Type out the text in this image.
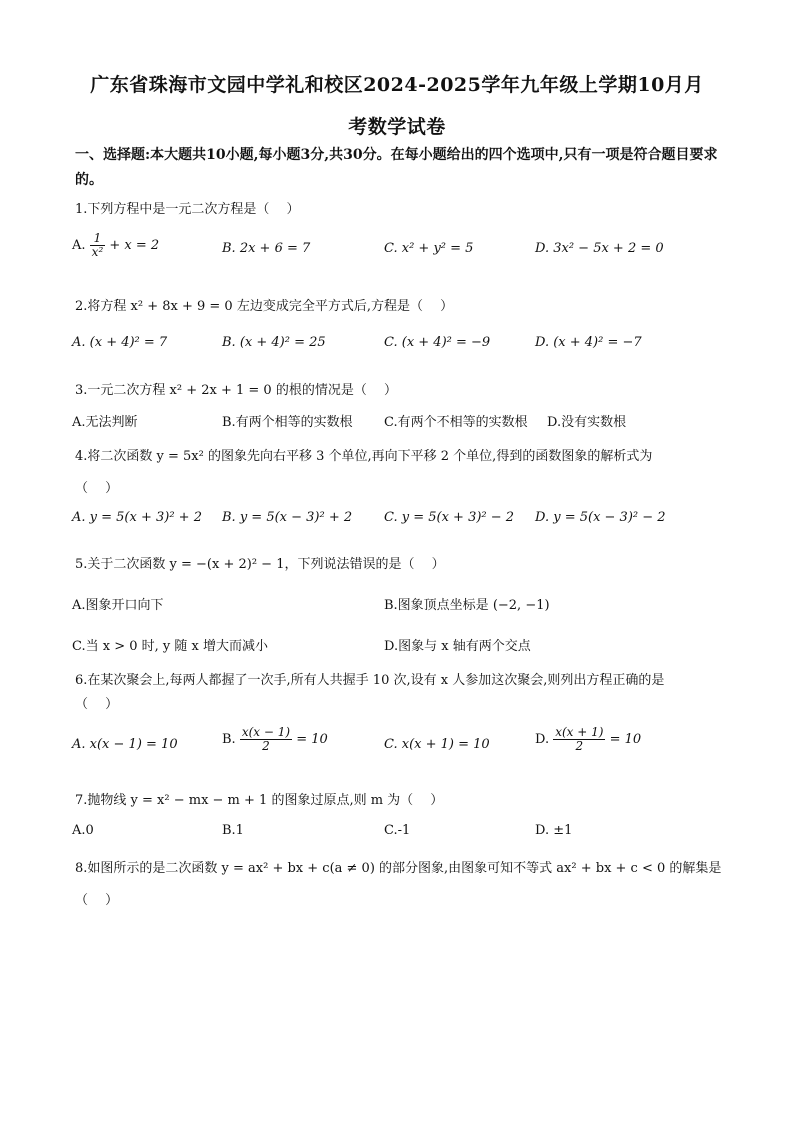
广东省珠海市文园中学礼和校区2024-2025学年九年级上学期10月月
考数学试卷
一、选择题:本大题共10小题,每小题3分,共30分。在每小题给出的四个选项中,只有一项是符合题目要求的。
1.下列方程中是一元二次方程是（　 ）
A. $\frac{1}{\text{x²}} + x = 2$	B. 2x + 6 = 7	C. x² + y² = 5	D. 3x² − 5x + 2 = 0
2.将方程 x² + 8x + 9 = 0 左边变成完全平方式后,方程是（　 ）
A. (x + 4)² = 7	B. (x + 4)² = 25	C. (x + 4)² = −9	D. (x + 4)² = −7
3.一元二次方程 x² + 2x + 1 = 0 的根的情况是（　 ）
A.无法判断	B.有两个相等的实数根 C.有两个不相等的实数根 D.没有实数根
4.将二次函数 y = 5x² 的图象先向右平移 3 个单位,再向下平移 2 个单位,得到的函数图象的解析式为
（　 ）
A. y = 5(x + 3)² + 2 B. y = 5(x − 3)² + 2 C. y = 5(x + 3)² − 2 D. y = 5(x − 3)² − 2
5.关于二次函数 y = −(x + 2)² − 1，下列说法错误的是（　 ）
A.图象开口向下	B.图象顶点坐标是 (−2, −1)
C.当 x > 0 时, y 随 x 增大而减小	D.图象与 x 轴有两个交点
6.在某次聚会上,每两人都握了一次手,所有人共握手 10 次,设有 x 人参加这次聚会,则列出方程正确的是
（　 ）
A. x(x − 1) = 10	B. $\frac{x(x - 1)}{2} = 10$	C. x(x + 1) = 10	D. $\frac{x(x + 1)}{2} = 10$
7.抛物线 y = x² − mx − m + 1 的图象过原点,则 m 为（　 ）
A.0	B.1	C.-1	D. ±1
8.如图所示的是二次函数 y = ax² + bx + c(a ≠ 0) 的部分图象,由图象可知不等式 ax² + bx + c < 0 的解集是
（　 ）
